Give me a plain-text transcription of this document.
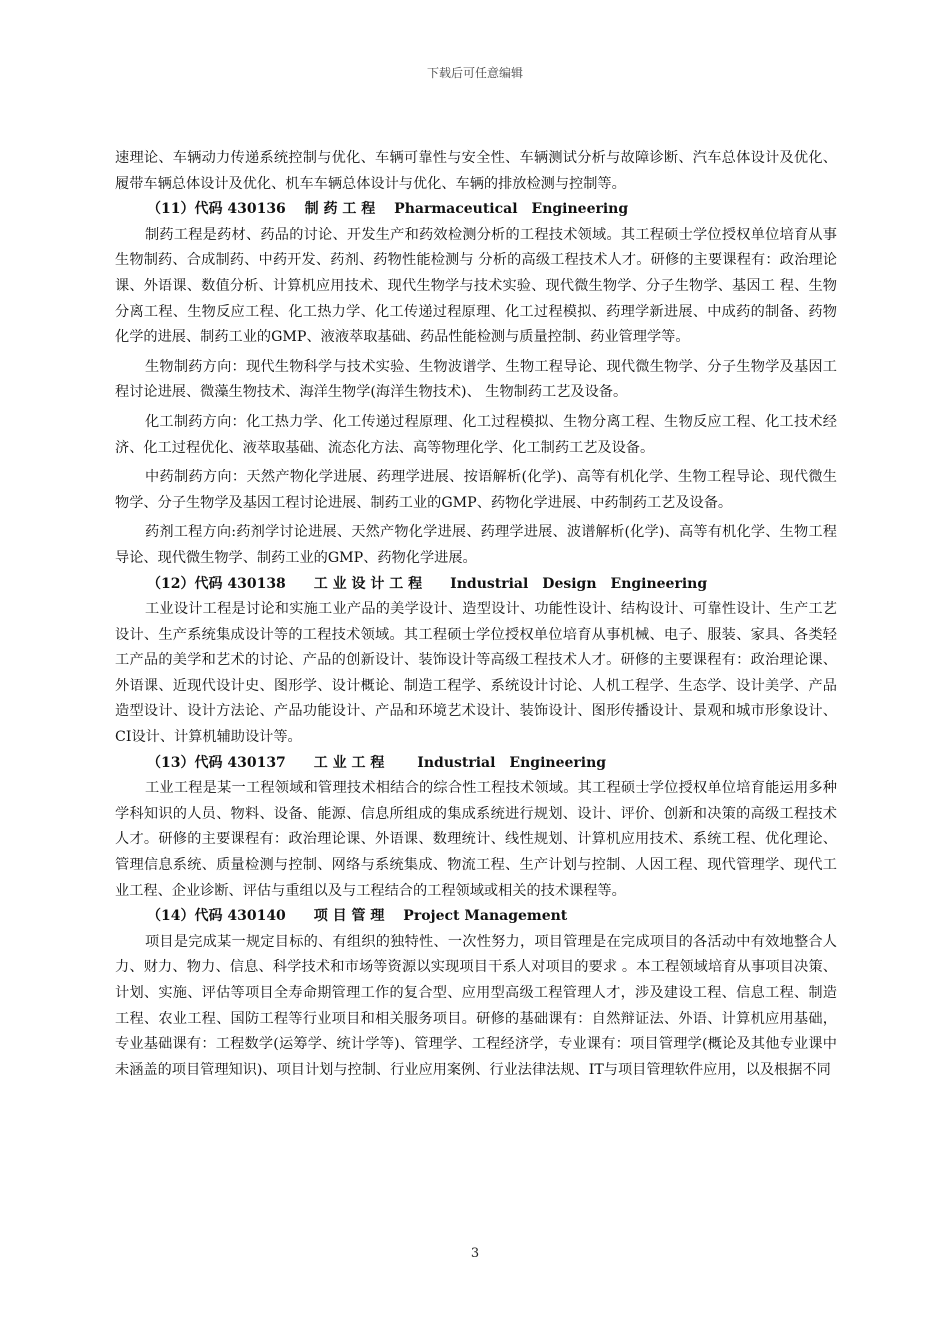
下载后可任意编辑

速理论、车辆动力传递系统控制与优化、车辆可靠性与安全性、车辆测试分析与故障诊断、汽车总体设计及优化、履带车辆总体设计及优化、机车车辆总体设计与优化、车辆的排放检测与控制等。

（11）代码 430136　 制 药 工 程　 Pharmaceutical　Engineering

制药工程是药材、药品的讨论、开发生产和药效检测分析的工程技术领域。其工程硕士学位授权单位培育从事生物制药、合成制药、中药开发、药剂、药物性能检测与 分析的高级工程技术人才。研修的主要课程有：政治理论课、外语课、数值分析、计算机应用技术、现代生物学与技术实验、现代微生物学、分子生物学、基因工 程、生物分离工程、生物反应工程、化工热力学、化工传递过程原理、化工过程模拟、药理学新进展、中成药的制备、药物化学的进展、制药工业的GMP、液液萃取基础、药品性能检测与质量控制、药业管理学等。

生物制药方向：现代生物科学与技术实验、生物波谱学、生物工程导论、现代微生物学、分子生物学及基因工程讨论进展、微藻生物技术、海洋生物学(海洋生物技术)、 生物制药工艺及设备。

化工制药方向：化工热力学、化工传递过程原理、化工过程模拟、生物分离工程、生物反应工程、化工技术经济、化工过程优化、液萃取基础、流态化方法、高等物理化学、化工制药工艺及设备。

中药制药方向：天然产物化学进展、药理学进展、按语解析(化学)、高等有机化学、生物工程导论、现代微生物学、分子生物学及基因工程讨论进展、制药工业的GMP、药物化学进展、中药制药工艺及设备。

药剂工程方向:药剂学讨论进展、天然产物化学进展、药理学进展、波谱解析(化学)、高等有机化学、生物工程导论、现代微生物学、制药工业的GMP、药物化学进展。

（12）代码 430138　　工 业 设 计 工 程　　Industrial　Design　Engineering

工业设计工程是讨论和实施工业产品的美学设计、造型设计、功能性设计、结构设计、可靠性设计、生产工艺设计、生产系统集成设计等的工程技术领域。其工程硕士学位授权单位培育从事机械、电子、服装、家具、各类轻工产品的美学和艺术的讨论、产品的创新设计、装饰设计等高级工程技术人才。研修的主要课程有：政治理论课、外语课、近现代设计史、图形学、设计概论、制造工程学、系统设计讨论、人机工程学、生态学、设计美学、产品造型设计、设计方法论、产品功能设计、产品和环境艺术设计、装饰设计、图形传播设计、景观和城市形象设计、CI设计、计算机辅助设计等。

（13）代码 430137　　工 业 工 程　　 Industrial　Engineering

工业工程是某一工程领域和管理技术相结合的综合性工程技术领域。其工程硕士学位授权单位培育能运用多种学科知识的人员、物料、设备、能源、信息所组成的集成系统进行规划、设计、评价、创新和决策的高级工程技术人才。研修的主要课程有：政治理论课、外语课、数理统计、线性规划、计算机应用技术、系统工程、优化理论、管理信息系统、质量检测与控制、网络与系统集成、物流工程、生产计划与控制、人因工程、现代管理学、现代工业工程、企业诊断、评估与重组以及与工程结合的工程领域或相关的技术课程等。

（14）代码 430140　　项 目 管 理　 Project Management

项目是完成某一规定目标的、有组织的独特性、一次性努力，项目管理是在完成项目的各活动中有效地整合人力、财力、物力、信息、科学技术和市场等资源以实现项目干系人对项目的要求 。本工程领域培育从事项目决策、计划、实施、评估等项目全寿命期管理工作的复合型、应用型高级工程管理人才，涉及建设工程、信息工程、制造工程、农业工程、国防工程等行业项目和相关服务项目。研修的基础课有：自然辩证法、外语、计算机应用基础，专业基础课有：工程数学(运筹学、统计学等)、管理学、工程经济学，专业课有：项目管理学(概论及其他专业课中未涵盖的项目管理知识)、项目计划与控制、行业应用案例、行业法律法规、IT与项目管理软件应用，以及根据不同

3
